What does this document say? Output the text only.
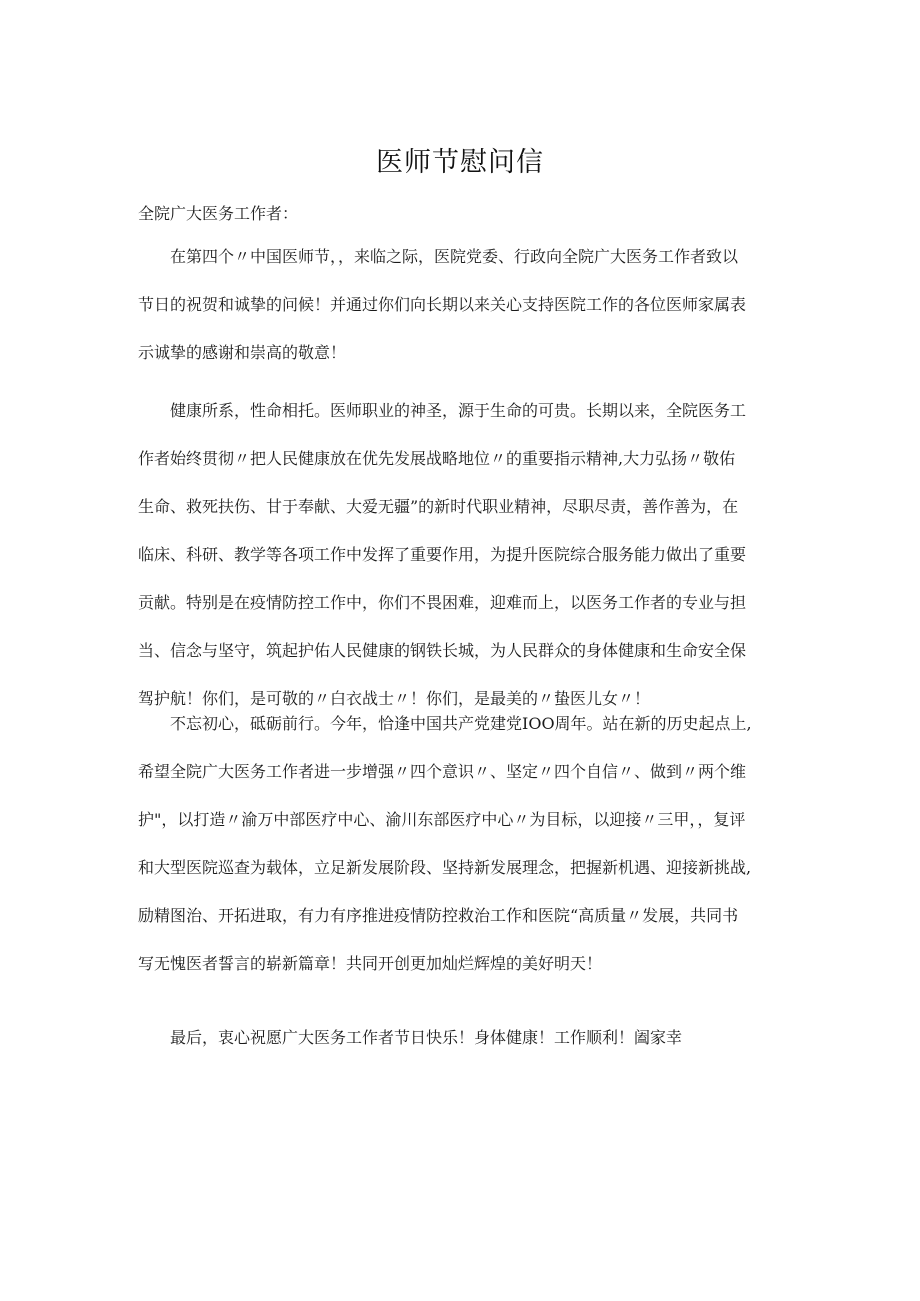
医师节慰问信

全院广大医务工作者：

在第四个〃中国医师节，，来临之际，医院党委、行政向全院广大医务工作者致以
节日的祝贺和诚挚的问候！并通过你们向长期以来关心支持医院工作的各位医师家属表
示诚挚的感谢和崇高的敬意！
健康所系，性命相托。医师职业的神圣，源于生命的可贵。长期以来，全院医务工
作者始终贯彻〃把人民健康放在优先发展战略地位〃的重要指示精神,大力弘扬〃敬佑
生命、救死扶伤、甘于奉献、大爱无疆”的新时代职业精神，尽职尽责，善作善为，在
临床、科研、教学等各项工作中发挥了重要作用，为提升医院综合服务能力做出了重要
贡献。特别是在疫情防控工作中，你们不畏困难，迎难而上，以医务工作者的专业与担
当、信念与坚守，筑起护佑人民健康的钢铁长城，为人民群众的身体健康和生命安全保
驾护航！你们，是可敬的〃白衣战士〃！你们，是最美的〃蛰医儿女〃！
不忘初心，砥砺前行。今年，恰逢中国共产党建党IOO周年。站在新的历史起点上,
希望全院广大医务工作者进一步增强〃四个意识〃、坚定〃四个自信〃、做到〃两个维
护"，以打造〃渝万中部医疗中心、渝川东部医疗中心〃为目标，以迎接〃三甲，，复评
和大型医院巡查为载体，立足新发展阶段、坚持新发展理念，把握新机遇、迎接新挑战,
励精图治、开拓进取，有力有序推进疫情防控救治工作和医院“高质量〃发展，共同书
写无愧医者誓言的崭新篇章！共同开创更加灿烂辉煌的美好明天！
最后，衷心祝愿广大医务工作者节日快乐！身体健康！工作顺利！阖家幸
